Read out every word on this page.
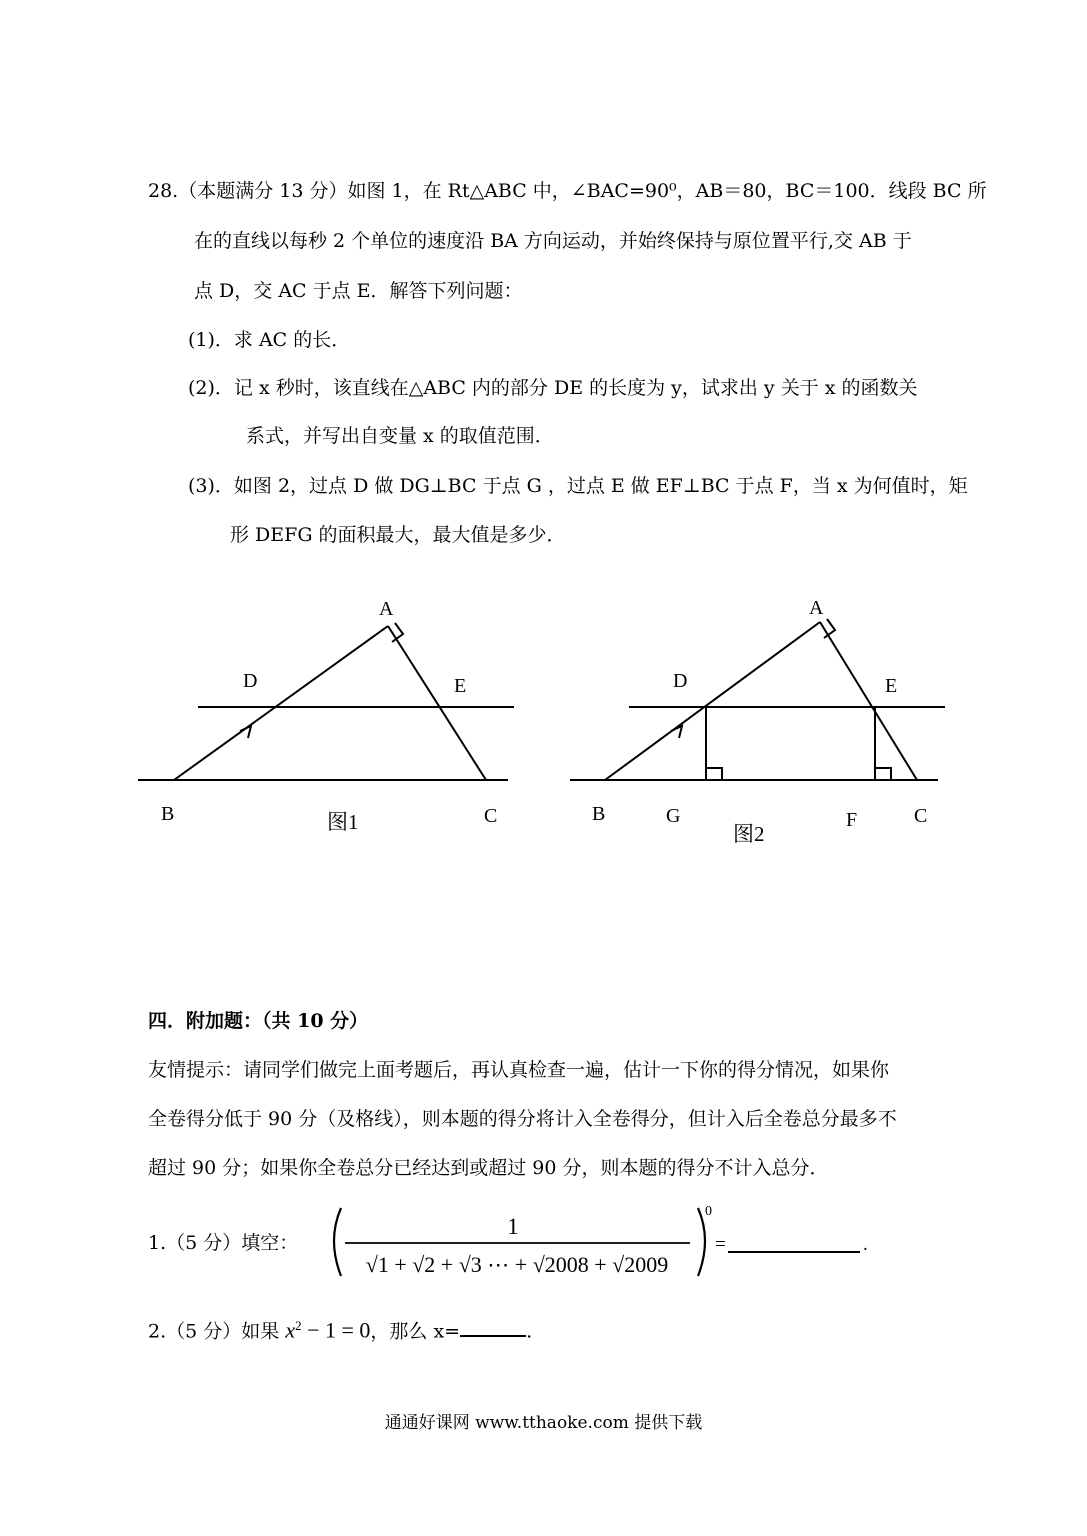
28.（本题满分 13 分）如图 1，在 Rt△ABC 中，∠BAC=90⁰，AB＝80，BC＝100．线段 BC 所
在的直线以每秒 2 个单位的速度沿 BA 方向运动，并始终保持与原位置平行,交 AB 于
点 D，交 AC 于点 E．解答下列问题：
(1)．求 AC 的长．
(2)．记 x 秒时，该直线在△ABC 内的部分 DE 的长度为 y，试求出 y 关于 x 的函数关
系式，并写出自变量 x 的取值范围．
(3)．如图 2，过点 D 做 DG⊥BC 于点 G ，过点 E 做 EF⊥BC 于点 F，当 x 为何值时，矩
形 DEFG 的面积最大，最大值是多少．
A
D	E
B	C
图1
A
D	E
B	G	F	C
图2
四．附加题：（共 10 分）
友情提示：请同学们做完上面考题后，再认真检查一遍，估计一下你的得分情况，如果你
全卷得分低于 90 分（及格线），则本题的得分将计入全卷得分，但计入后全卷总分最多不
超过 90 分；如果你全卷总分已经达到或超过 90 分，则本题的得分不计入总分．
1.（5 分）填空：
1
√1 + √2 + √3 ⋯ + √2008 + √2009
0
=	.
2.（5 分）如果 $x^2 - 1 = 0$，那么 x=	.
通通好课网 www.tthaoke.com 提供下载
